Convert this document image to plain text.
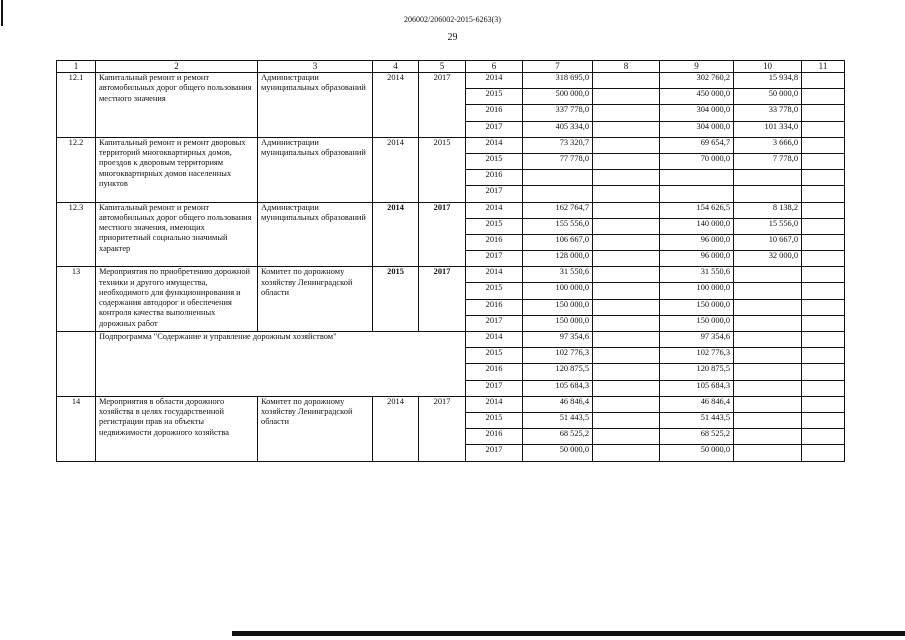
206002/206002-2015-6263(3)
29
1	2	3	4	5	6	7	8	9	10	11
12.1	Капитальный ремонт и ремонт автомобильных дорог общего пользования местного значения	Администрации муниципальных образований	2014	2017	2014	318 695,0		302 760,2	15 934,8	
					2015	500 000,0		450 000,0	50 000,0	
					2016	337 778,0		304 000,0	33 778,0	
					2017	405 334,0		304 000,0	101 334,0	
12.2	Капитальный ремонт и ремонт дворовых территорий многоквартирных домов, проездов к дворовым территориям многоквартирных домов населенных пунктов	Администрации муниципальных образований	2014	2015	2014	73 320,7		69 654,7	3 666,0	
					2015	77 778,0		70 000,0	7 778,0	
					2016					
					2017					
12.3	Капитальный ремонт и ремонт автомобильных дорог общего пользования местного значения, имеющих приоритетный социально значимый характер	Администрации муниципальных образований	2014	2017	2014	162 764,7		154 626,5	8 138,2	
					2015	155 556,0		140 000,0	15 556,0	
					2016	106 667,0		96 000,0	10 667,0	
					2017	128 000,0		96 000,0	32 000,0	
13	Мероприятия по приобретению дорожной техники и другого имущества, необходимого для функционирования и содержания автодорог и обеспечения контроля качества выполненных дорожных работ	Комитет по дорожному хозяйству Ленинградской области	2015	2017	2014	31 550,6		31 550,6		
					2015	100 000,0		100 000,0		
					2016	150 000,0		150 000,0		
					2017	150 000,0		150 000,0		
	Подпрограмма "Содержание и управление дорожным хозяйством"				2014	97 354,6		97 354,6		
					2015	102 776,3		102 776,3		
					2016	120 875,5		120 875,5		
					2017	105 684,3		105 684,3		
14	Мероприятия в области дорожного хозяйства в целях государственной регистрации прав на объекты недвижимости дорожного хозяйства	Комитет по дорожному хозяйству Ленинградской области	2014	2017	2014	46 846,4		46 846,4		
					2015	51 443,5		51 443,5		
					2016	68 525,2		68 525,2		
					2017	50 000,0		50 000,0		
